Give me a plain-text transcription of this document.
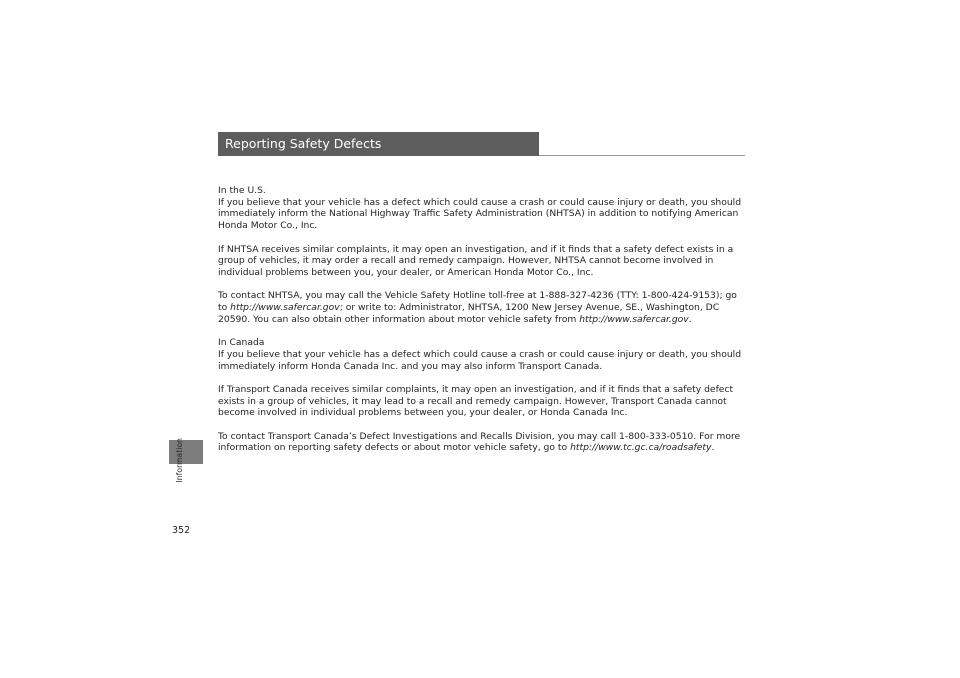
Information
352
Reporting Safety Defects

In the U.S.

If you believe that your vehicle has a defect which could cause a crash or could cause injury or death, you should immediately inform the National Highway Traffic Safety Administration (NHTSA) in addition to notifying American Honda Motor Co., Inc.

If NHTSA receives similar complaints, it may open an investigation, and if it finds that a safety defect exists in a group of vehicles, it may order a recall and remedy campaign. However, NHTSA cannot become involved in individual problems between you, your dealer, or American Honda Motor Co., Inc.

To contact NHTSA, you may call the Vehicle Safety Hotline toll-free at 1-888-327-4236 (TTY: 1-800-424-9153); go to http://www.safercar.gov; or write to: Administrator, NHTSA, 1200 New Jersey Avenue, SE., Washington, DC 20590. You can also obtain other information about motor vehicle safety from http://www.safercar.gov.

In Canada

If you believe that your vehicle has a defect which could cause a crash or could cause injury or death, you should immediately inform Honda Canada Inc. and you may also inform Transport Canada.

If Transport Canada receives similar complaints, it may open an investigation, and if it finds that a safety defect exists in a group of vehicles, it may lead to a recall and remedy campaign. However, Transport Canada cannot become involved in individual problems between you, your dealer, or Honda Canada Inc.

To contact Transport Canada’s Defect Investigations and Recalls Division, you may call 1-800-333-0510. For more information on reporting safety defects or about motor vehicle safety, go to http://www.tc.gc.ca/roadsafety.
